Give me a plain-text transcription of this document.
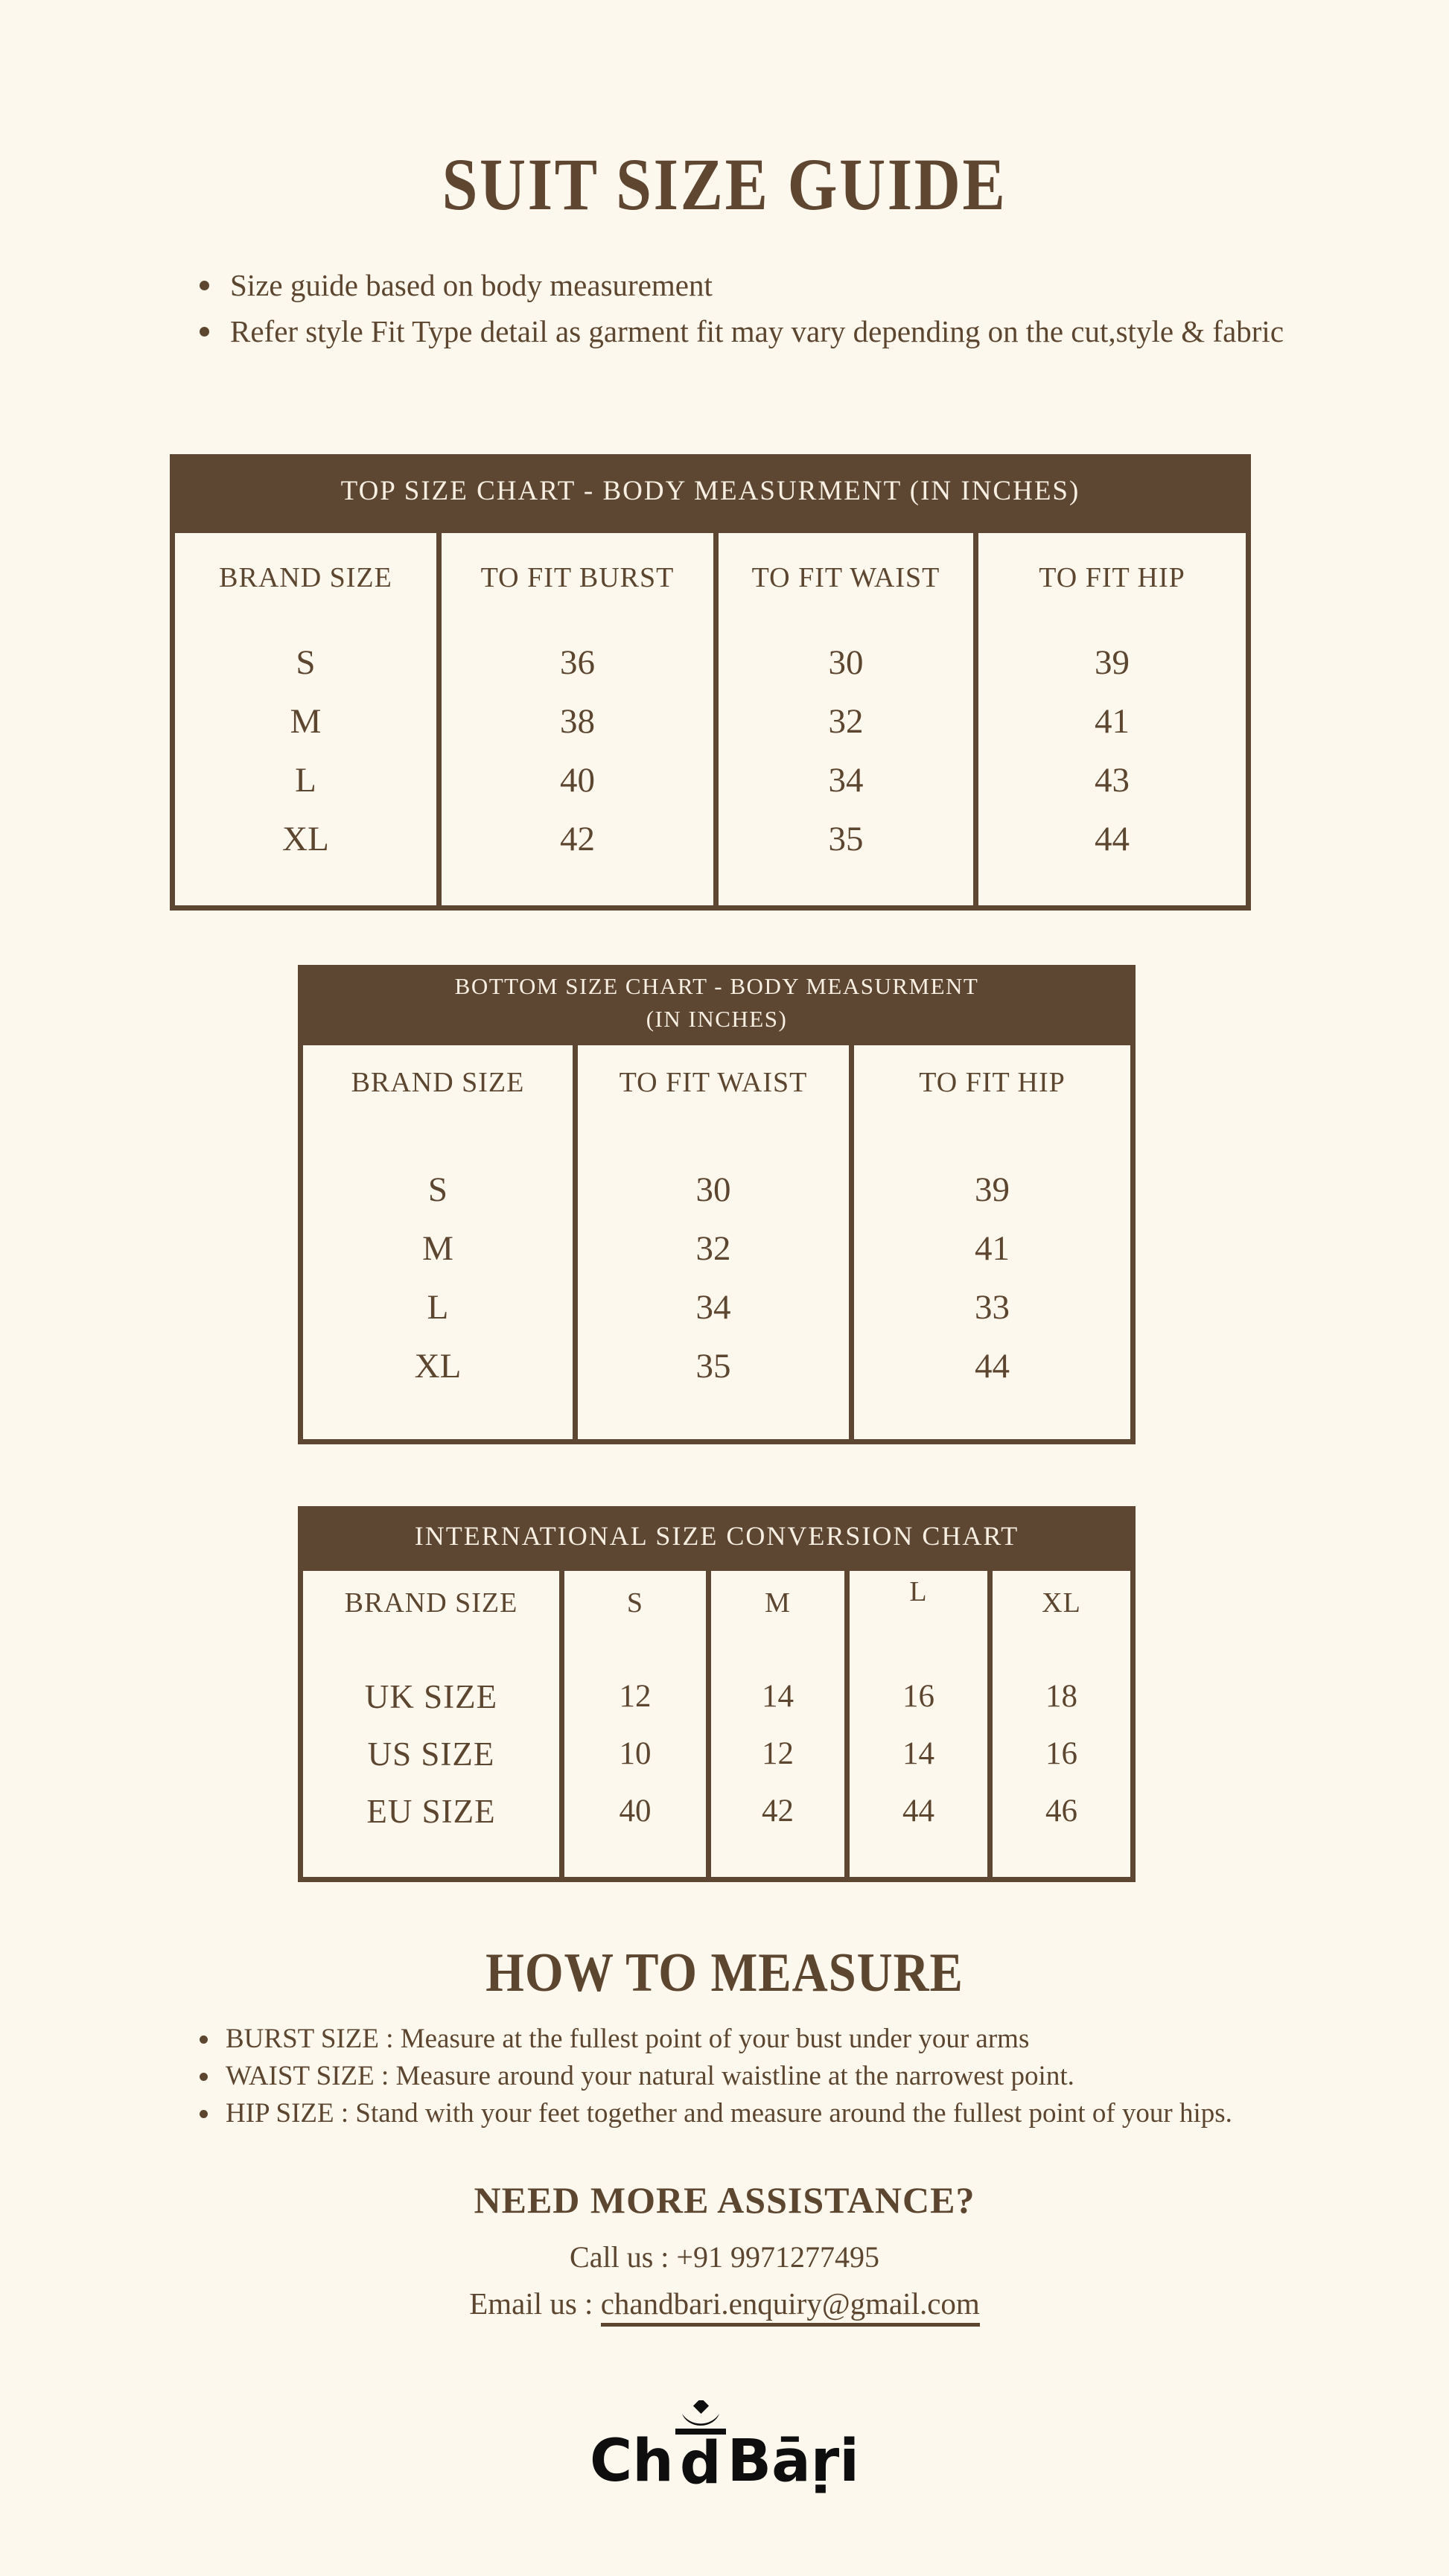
SUIT SIZE GUIDE
Size guide based on body measurement
Refer style Fit Type detail as garment fit may vary depending on the cut,style & fabric
TOP SIZE CHART - BODY MEASURMENT (IN INCHES)
BRAND SIZE
S
M
L
XL
TO FIT BURST
36
38
40
42
TO FIT WAIST
30
32
34
35
TO FIT HIP
39
41
43
44
BOTTOM SIZE CHART - BODY MEASURMENT
(IN INCHES)
BRAND SIZE
S
M
L
XL
TO FIT WAIST
30
32
34
35
TO FIT HIP
39
41
33
44
INTERNATIONAL SIZE CONVERSION CHART
BRAND SIZE
UK SIZE
US SIZE
EU SIZE
S
12
10
40
M
14
12
42
L
16
14
44
XL
18
16
46
HOW TO MEASURE
BURST SIZE : Measure at the fullest point of your bust under your arms
WAIST SIZE : Measure around your natural waistline at the narrowest point.
HIP SIZE : Stand with your feet together and measure around the fullest point of your hips.
NEED MORE ASSISTANCE?
Call us : +91 9971277495
Email us : chandbari.enquiry@gmail.com
Ch d Bāṛi
